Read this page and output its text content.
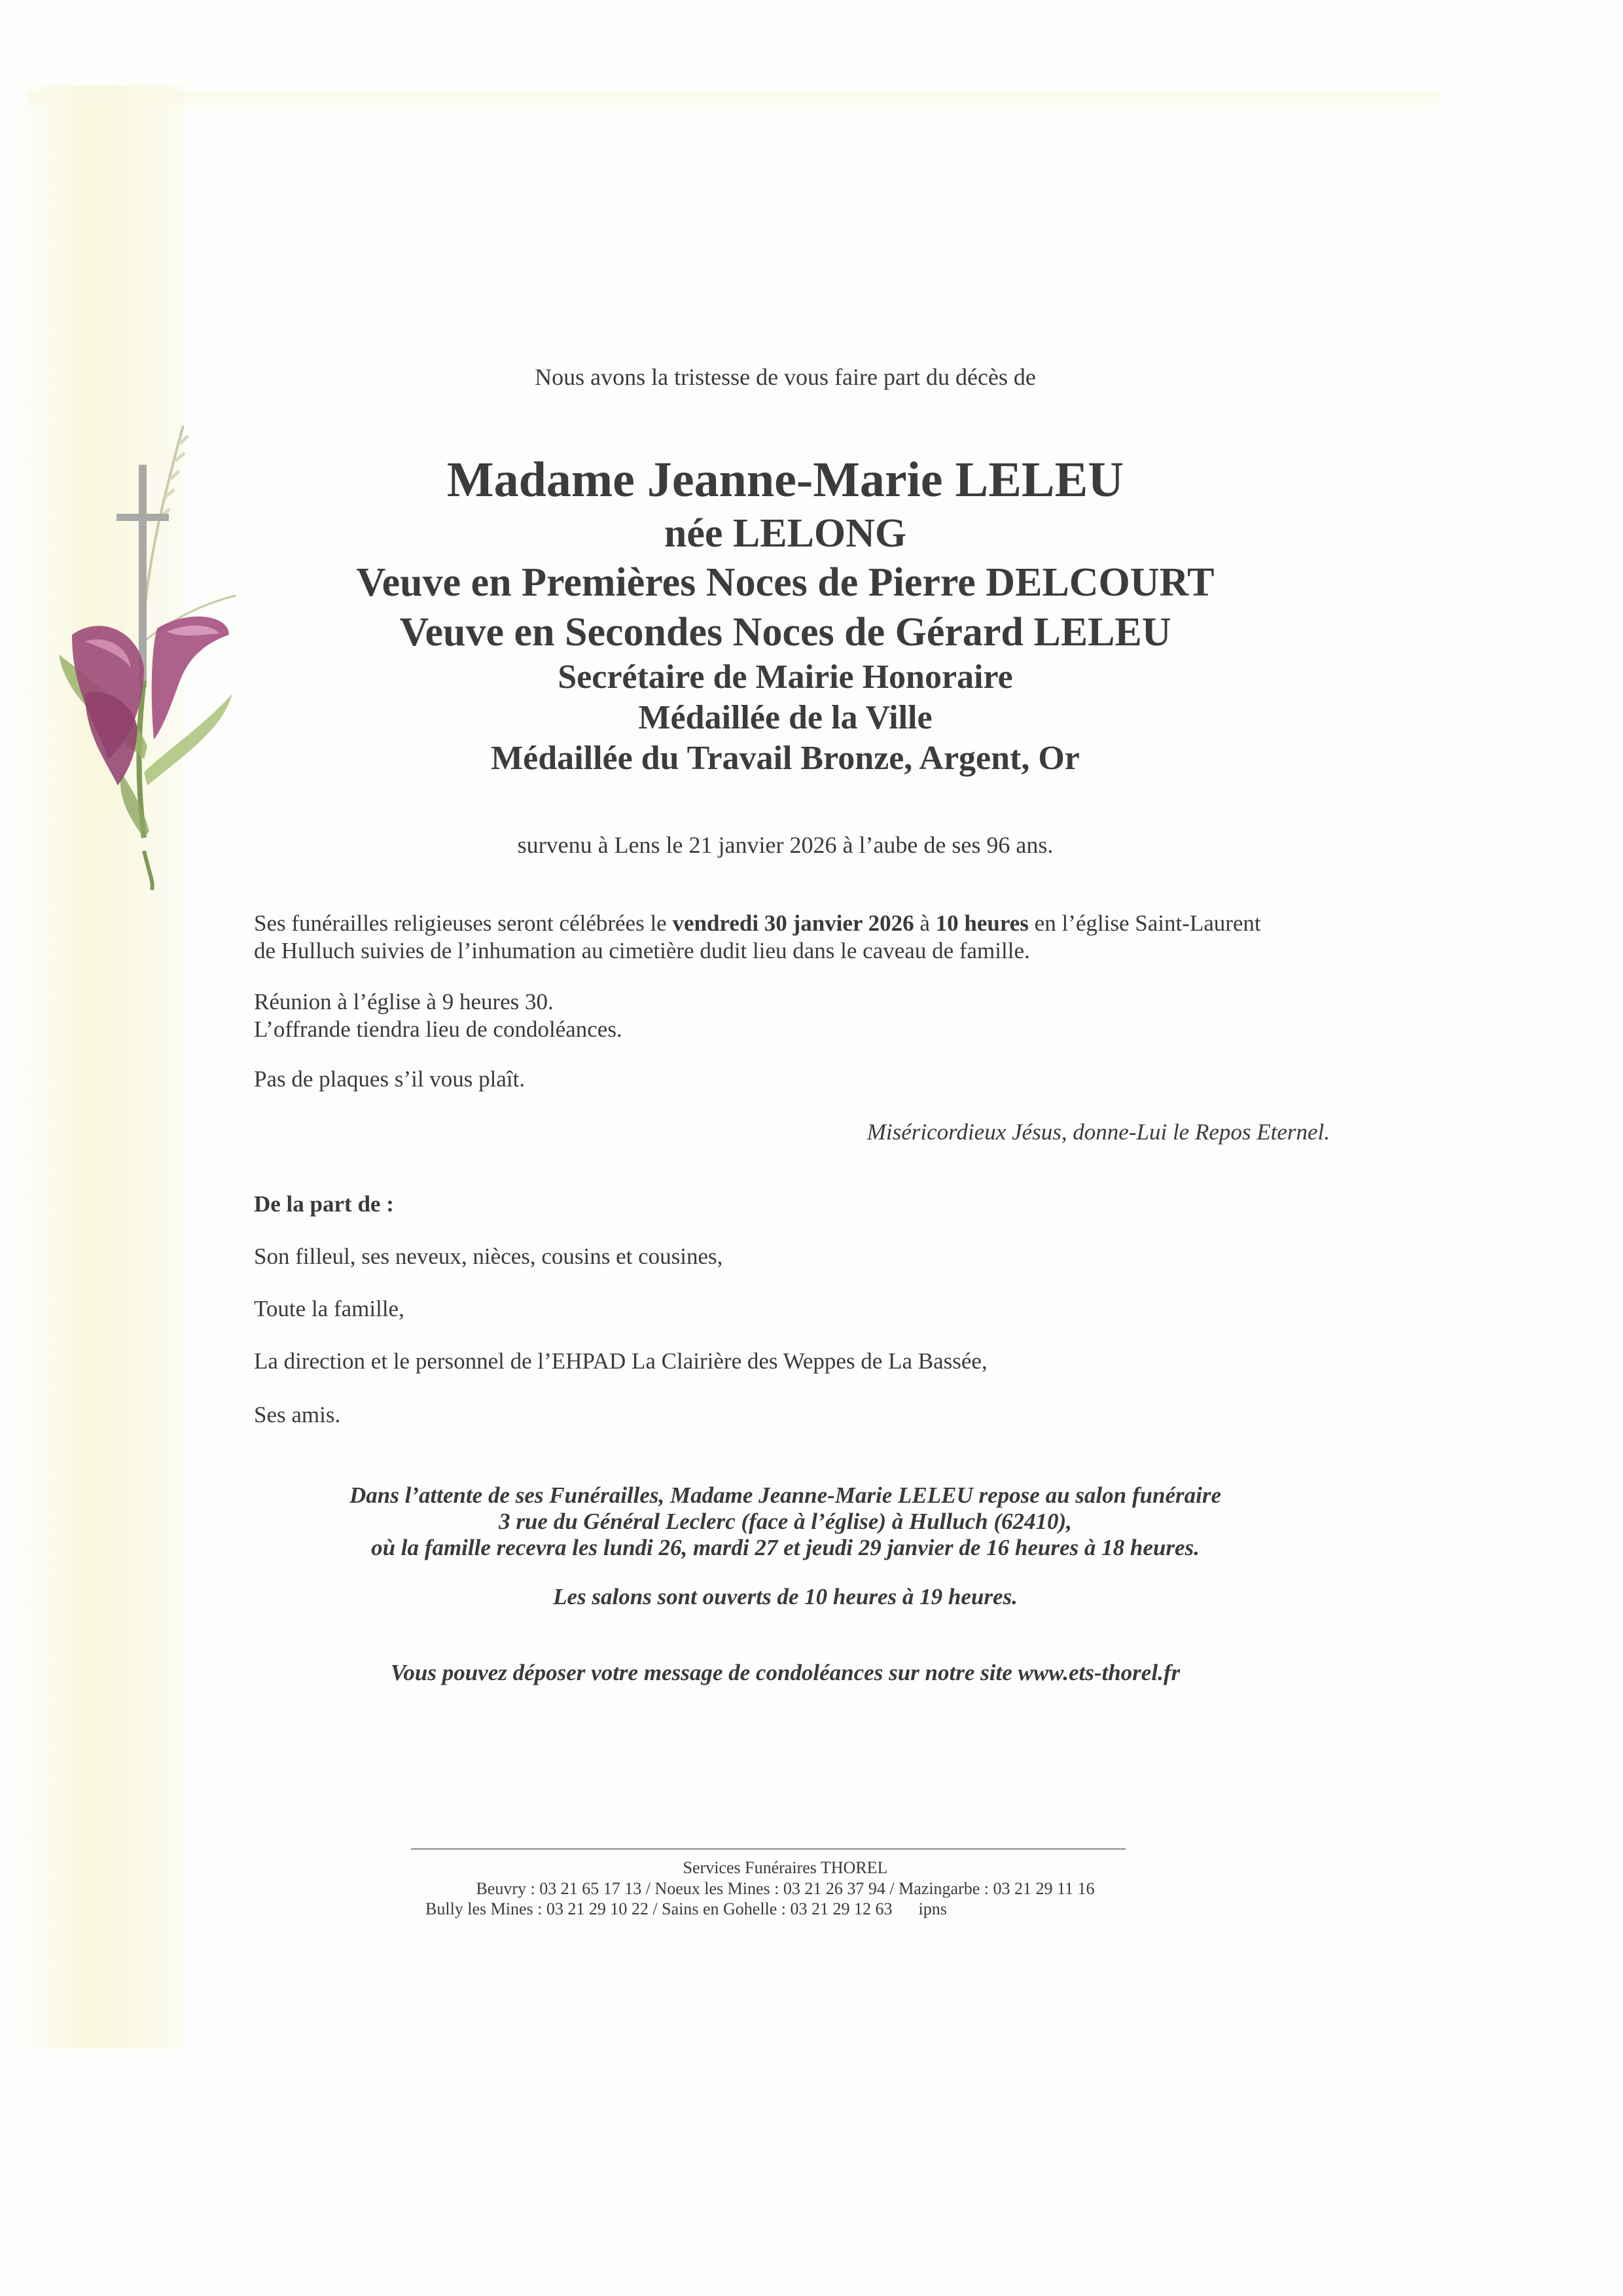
Nous avons la tristesse de vous faire part du décès de
Madame Jeanne-Marie LELEU
née LELONG
Veuve en Premières Noces de Pierre DELCOURT
Veuve en Secondes Noces de Gérard LELEU
Secrétaire de Mairie Honoraire
Médaillée de la Ville
Médaillée du Travail Bronze, Argent, Or
survenu à Lens le 21 janvier 2026 à l’aube de ses 96 ans.
Ses funérailles religieuses seront célébrées le vendredi 30 janvier 2026 à 10 heures en l’église Saint-Laurent
de Hulluch suivies de l’inhumation au cimetière dudit lieu dans le caveau de famille.
Réunion à l’église à 9 heures 30.
L’offrande tiendra lieu de condoléances.
Pas de plaques s’il vous plaît.
Miséricordieux Jésus, donne-Lui le Repos Eternel.
De la part de :
Son filleul, ses neveux, nièces, cousins et cousines,
Toute la famille,
La direction et le personnel de l’EHPAD La Clairière des Weppes de La Bassée,
Ses amis.
Dans l’attente de ses Funérailles, Madame Jeanne-Marie LELEU repose au salon funéraire
3 rue du Général Leclerc (face à l’église) à Hulluch (62410),
où la famille recevra les lundi 26, mardi 27 et jeudi 29 janvier de 16 heures à 18 heures.
Les salons sont ouverts de 10 heures à 19 heures.
Vous pouvez déposer votre message de condoléances sur notre site www.ets-thorel.fr
Services Funéraires THOREL
Beuvry : 03 21 65 17 13 / Noeux les Mines : 03 21 26 37 94 / Mazingarbe : 03 21 29 11 16
Bully les Mines : 03 21 29 10 22 / Sains en Gohelle : 03 21 29 12 63 ipns
